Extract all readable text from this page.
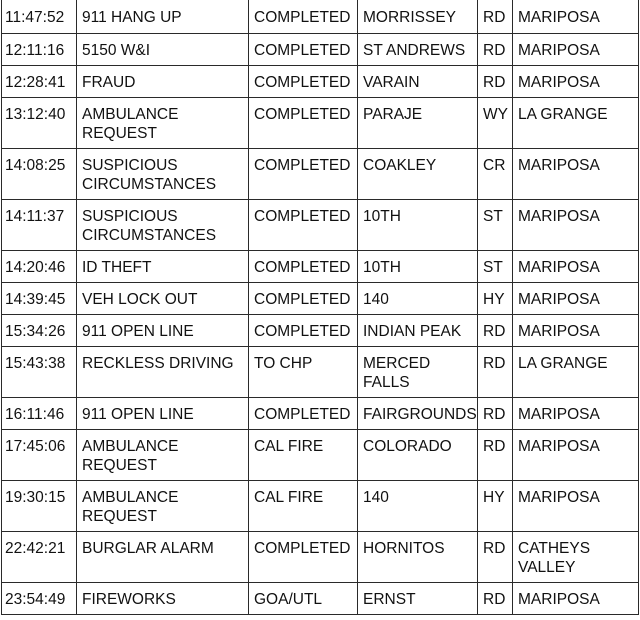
11:47:52	911 HANG UP	COMPLETED	MORRISSEY	RD	MARIPOSA
12:11:16	5150 W&I	COMPLETED	ST ANDREWS	RD	MARIPOSA
12:28:41	FRAUD	COMPLETED	VARAIN	RD	MARIPOSA
13:12:40	AMBULANCE
REQUEST	COMPLETED	PARAJE	WY	LA GRANGE
14:08:25	SUSPICIOUS
CIRCUMSTANCES	COMPLETED	COAKLEY	CR	MARIPOSA
14:11:37	SUSPICIOUS
CIRCUMSTANCES	COMPLETED	10TH	ST	MARIPOSA
14:20:46	ID THEFT	COMPLETED	10TH	ST	MARIPOSA
14:39:45	VEH LOCK OUT	COMPLETED	140	HY	MARIPOSA
15:34:26	911 OPEN LINE	COMPLETED	INDIAN PEAK	RD	MARIPOSA
15:43:38	RECKLESS DRIVING	TO CHP	MERCED
FALLS	RD	LA GRANGE
16:11:46	911 OPEN LINE	COMPLETED	FAIRGROUNDS	RD	MARIPOSA
17:45:06	AMBULANCE
REQUEST	CAL FIRE	COLORADO	RD	MARIPOSA
19:30:15	AMBULANCE
REQUEST	CAL FIRE	140	HY	MARIPOSA
22:42:21	BURGLAR ALARM	COMPLETED	HORNITOS	RD	CATHEYS
VALLEY
23:54:49	FIREWORKS	GOA/UTL	ERNST	RD	MARIPOSA
